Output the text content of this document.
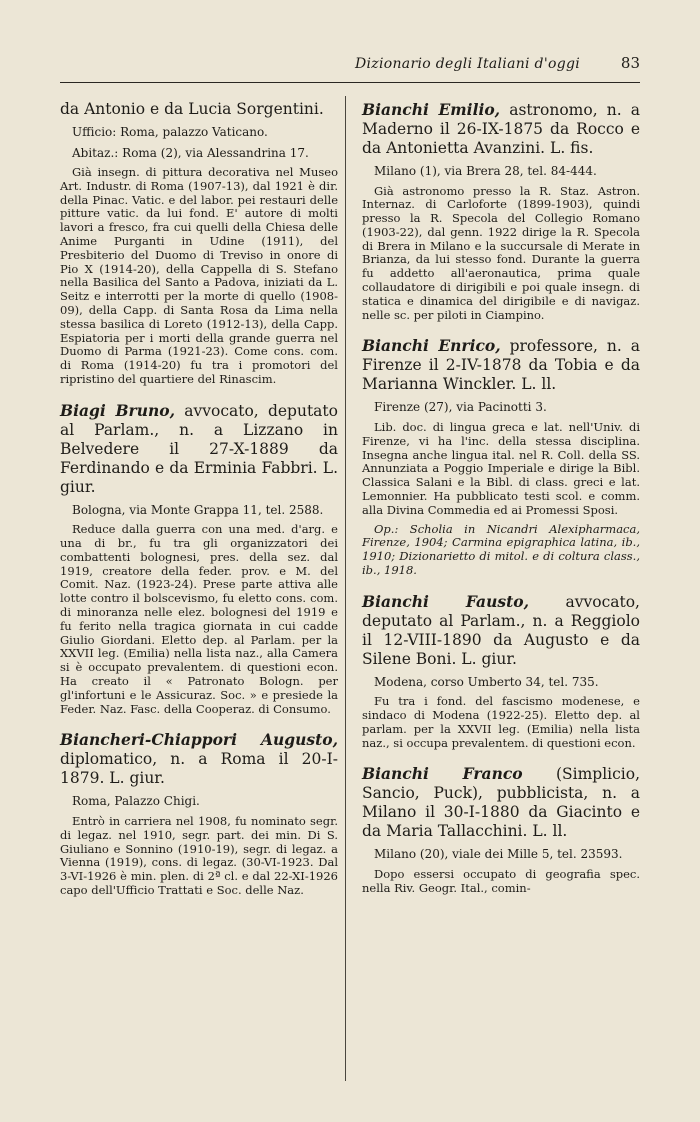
Dizionario degli Italiani d'oggi	83

da Antonio e da Lucia Sorgentini.

Ufficio: Roma, palazzo Vaticano.

Abitaz.: Roma (2), via Alessandrina 17.

Già insegn. di pittura decorativa nel Museo Art. Industr. di Roma (1907-13), dal 1921 è dir. della Pinac. Vatic. e del labor. pei restauri delle pitture vatic. da lui fond. E' autore di molti lavori a fresco, fra cui quelli della Chiesa delle Anime Purganti in Udine (1911), del Presbiterio del Duomo di Treviso in onore di Pio X (1914-20), della Cappella di S. Stefano nella Basilica del Santo a Padova, iniziati da L. Seitz e interrotti per la morte di quello (1908-09), della Capp. di Santa Rosa da Lima nella stessa basilica di Loreto (1912-13), della Capp. Espiatoria per i morti della grande guerra nel Duomo di Parma (1921-23). Come cons. com. di Roma (1914-20) fu tra i promotori del ripristino del quartiere del Rinascim.

Biagi Bruno, avvocato, deputato al Parlam., n. a Lizzano in Belvedere il 27-X-1889 da Ferdinando e da Erminia Fabbri. L. giur.

Bologna, via Monte Grappa 11, tel. 2588.

Reduce dalla guerra con una med. d'arg. e una di br., fu tra gli organizzatori dei combattenti bolognesi, pres. della sez. dal 1919, creatore della feder. prov. e M. del Comit. Naz. (1923-24). Prese parte attiva alle lotte contro il bolscevismo, fu eletto cons. com. di minoranza nelle elez. bolognesi del 1919 e fu ferito nella tragica giornata in cui cadde Giulio Giordani. Eletto dep. al Parlam. per la XXVII leg. (Emilia) nella lista naz., alla Camera si è occupato prevalentem. di questioni econ. Ha creato il « Patronato Bologn. per gl'infortuni e le Assicuraz. Soc. » e presiede la Feder. Naz. Fasc. della Cooperaz. di Consumo.

Biancheri-Chiappori Augusto, diplomatico, n. a Roma il 20-I-1879. L. giur.

Roma, Palazzo Chigi.

Entrò in carriera nel 1908, fu nominato segr. di legaz. nel 1910, segr. part. dei min. Di S. Giuliano e Sonnino (1910-19), segr. di legaz. a Vienna (1919), cons. di legaz. (30-VI-1923. Dal 3-VI-1926 è min. plen. di 2ª cl. e dal 22-XI-1926 capo dell'Ufficio Trattati e Soc. delle Naz.

Bianchi Emilio, astronomo, n. a Maderno il 26-IX-1875 da Rocco e da Antonietta Avanzini. L. fis.

Milano (1), via Brera 28, tel. 84-444.

Già astronomo presso la R. Staz. Astron. Internaz. di Carloforte (1899-1903), quindi presso la R. Specola del Collegio Romano (1903-22), dal genn. 1922 dirige la R. Specola di Brera in Milano e la succursale di Merate in Brianza, da lui stesso fond. Durante la guerra fu addetto all'aeronautica, prima quale collaudatore di dirigibili e poi quale insegn. di statica e dinamica del dirigibile e di navigaz. nelle sc. per piloti in Ciampino.

Bianchi Enrico, professore, n. a Firenze il 2-IV-1878 da Tobia e da Marianna Winckler. L. ll.

Firenze (27), via Pacinotti 3.

Lib. doc. di lingua greca e lat. nell'Univ. di Firenze, vi ha l'inc. della stessa disciplina. Insegna anche lingua ital. nel R. Coll. della SS. Annunziata a Poggio Imperiale e dirige la Bibl. Classica Salani e la Bibl. di class. greci e lat. Lemonnier. Ha pubblicato testi scol. e comm. alla Divina Commedia ed ai Promessi Sposi.

Op.: Scholia in Nicandri Alexipharmaca, Firenze, 1904; Carmina epigraphica latina, ib., 1910; Dizionarietto di mitol. e di coltura class., ib., 1918.

Bianchi Fausto, avvocato, deputato al Parlam., n. a Reggiolo il 12-VIII-1890 da Augusto e da Silene Boni. L. giur.

Modena, corso Umberto 34, tel. 735.

Fu tra i fond. del fascismo modenese, e sindaco di Modena (1922-25). Eletto dep. al parlam. per la XXVII leg. (Emilia) nella lista naz., si occupa prevalentem. di questioni econ.

Bianchi Franco (Simplicio, Sancio, Puck), pubblicista, n. a Milano il 30-I-1880 da Giacinto e da Maria Tallacchini. L. ll.

Milano (20), viale dei Mille 5, tel. 23593.

Dopo essersi occupato di geografia spec. nella Riv. Geogr. Ital., comin-
